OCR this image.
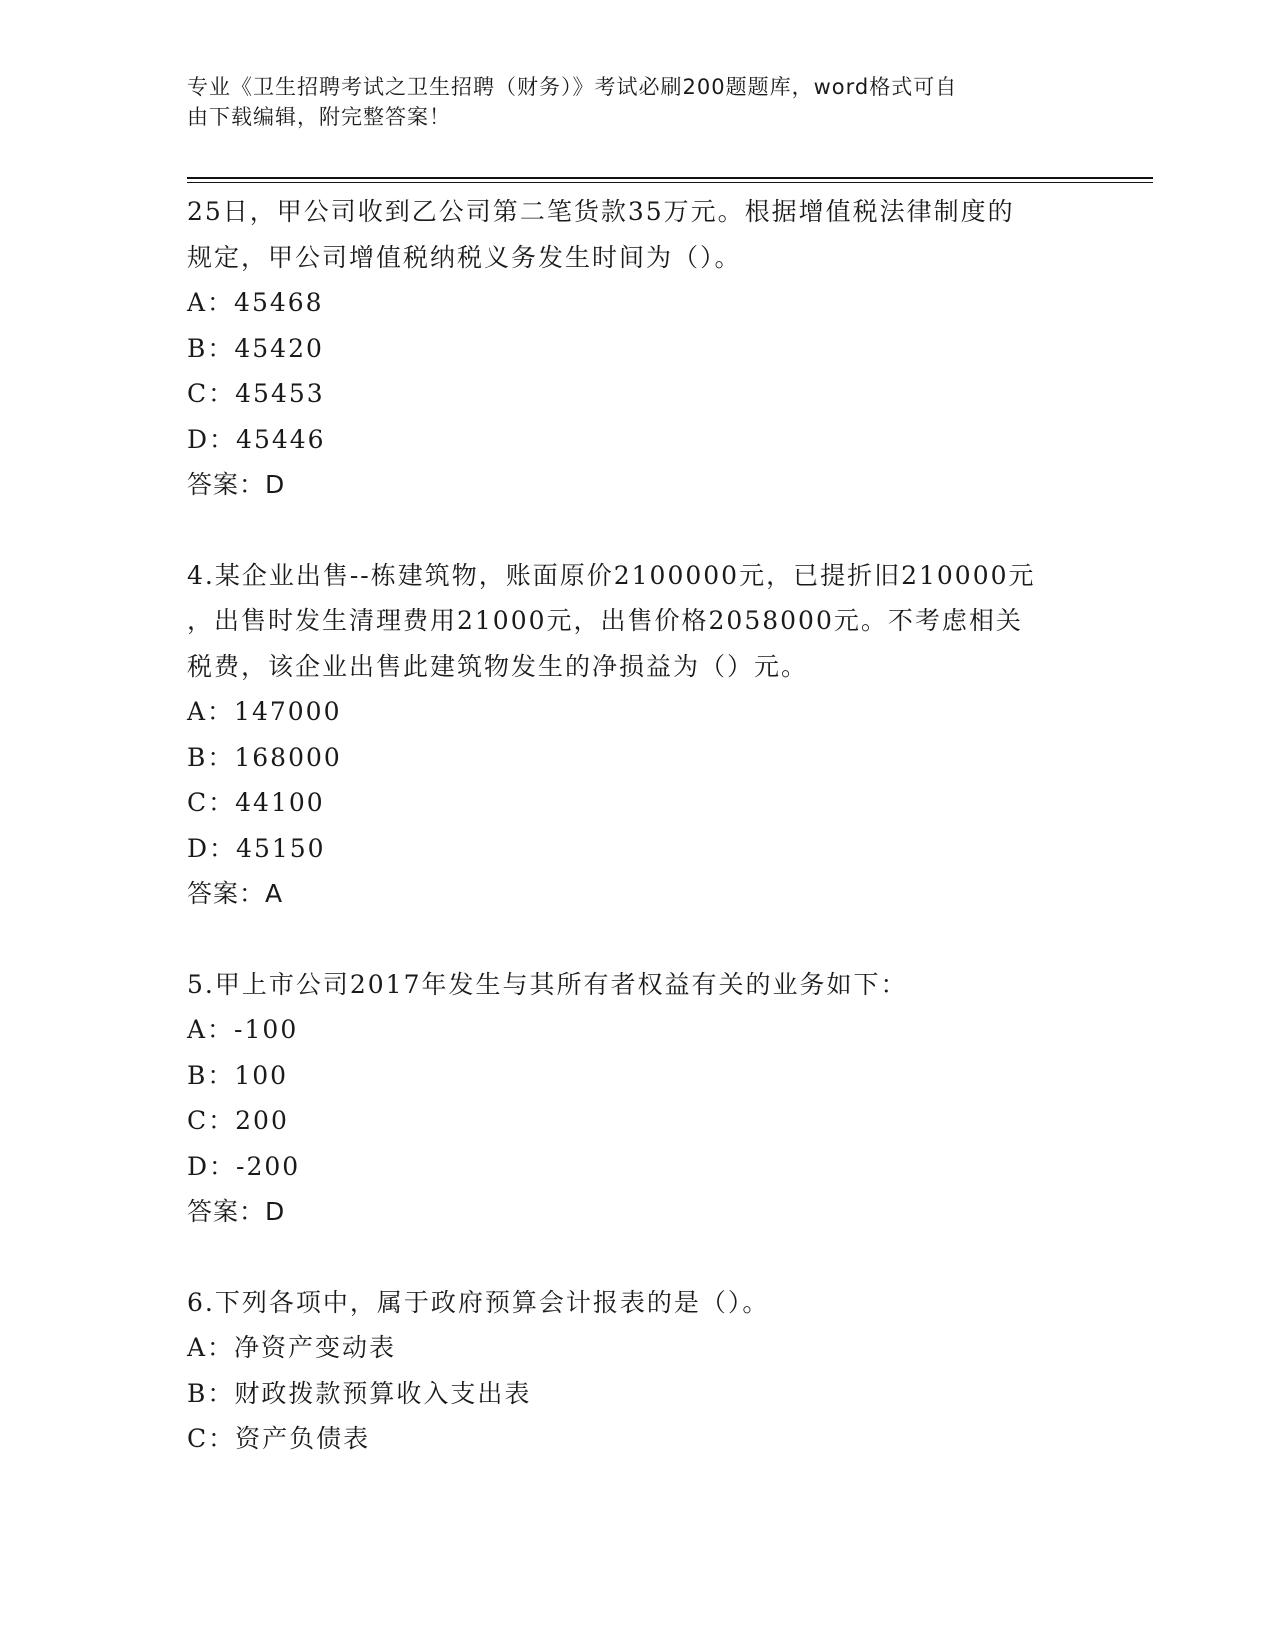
专业《卫生招聘考试之卫生招聘（财务）》考试必刷200题题库，word格式可自
由下载编辑，附完整答案！
25日，甲公司收到乙公司第二笔货款35万元。根据增值税法律制度的
规定，甲公司增值税纳税义务发生时间为（）。
A：45468
B：45420
C：45453
D：45446
答案：D
4.某企业出售--栋建筑物，账面原价2100000元，已提折旧210000元
，出售时发生清理费用21000元，出售价格2058000元。不考虑相关
税费，该企业出售此建筑物发生的净损益为（）元。
A：147000
B：168000
C：44100
D：45150
答案：A
5.甲上市公司2017年发生与其所有者权益有关的业务如下：
A：-100
B：100
C：200
D：-200
答案：D
6.下列各项中，属于政府预算会计报表的是（）。
A：净资产变动表
B：财政拨款预算收入支出表
C：资产负债表
